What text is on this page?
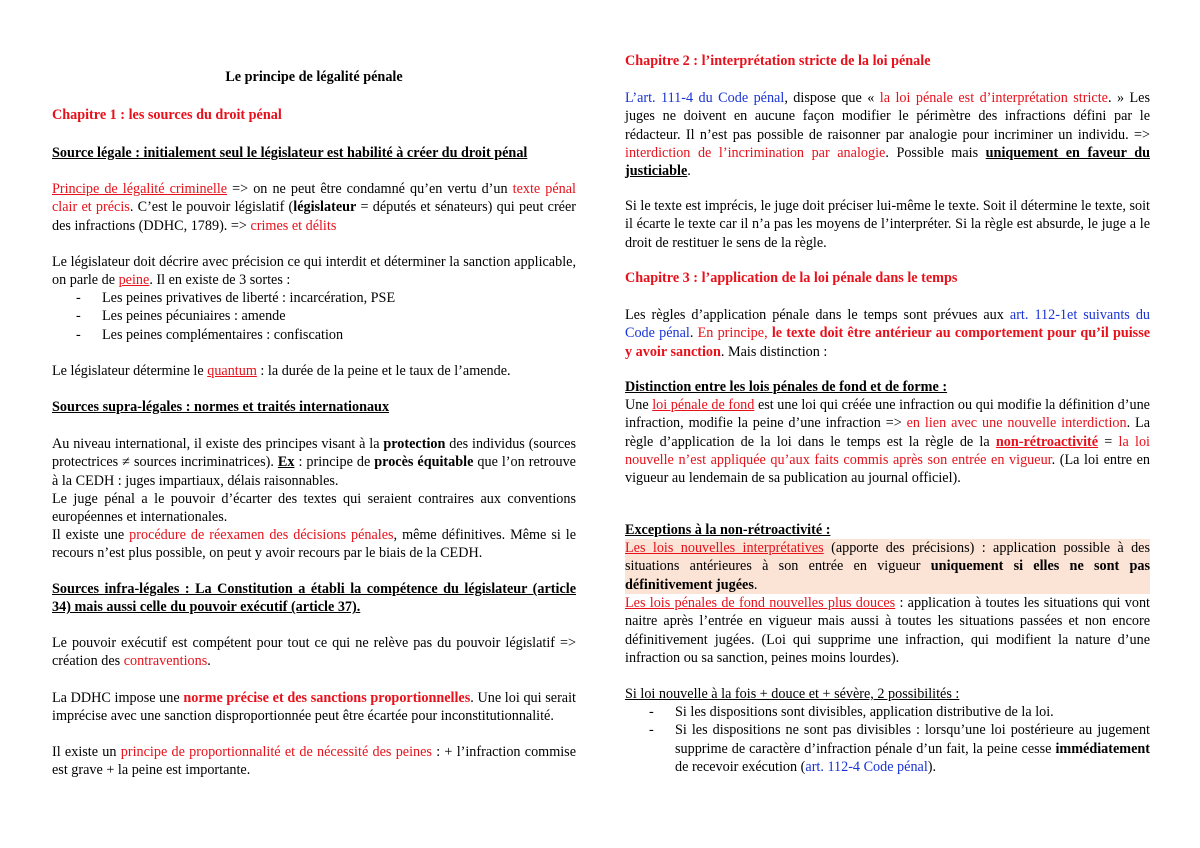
Le principe de légalité pénale

Chapitre 1 : les sources du droit pénal

Source légale : initialement seul le législateur est habilité à créer du droit pénal

Principe de légalité criminelle => on ne peut être condamné qu’en vertu d’un texte pénal clair et précis. C’est le pouvoir législatif (législateur = députés et sénateurs) qui peut créer des infractions (DDHC, 1789). => crimes et délits

Le législateur doit décrire avec précision ce qui interdit et déterminer la sanction applicable, on parle de peine. Il en existe de 3 sortes :

- Les peines privatives de liberté : incarcération, PSE
- Les peines pécuniaires : amende
- Les peines complémentaires : confiscation

Le législateur détermine le quantum : la durée de la peine et le taux de l’amende.

Sources supra-légales : normes et traités internationaux

Au niveau international, il existe des principes visant à la protection des individus (sources protectrices ≠ sources incriminatrices). Ex : principe de procès équitable que l’on retrouve à la CEDH : juges impartiaux, délais raisonnables.

Le juge pénal a le pouvoir d’écarter des textes qui seraient contraires aux conventions européennes et internationales.

Il existe une procédure de réexamen des décisions pénales, même définitives. Même si le recours n’est plus possible, on peut y avoir recours par le biais de la CEDH.

Sources infra-légales : La Constitution a établi la compétence du législateur (article 34) mais aussi celle du pouvoir exécutif (article 37).

Le pouvoir exécutif est compétent pour tout ce qui ne relève pas du pouvoir législatif => création des contraventions.

La DDHC impose une norme précise et des sanctions proportionnelles. Une loi qui serait imprécise avec une sanction disproportionnée peut être écartée pour inconstitutionnalité.

Il existe un principe de proportionnalité et de nécessité des peines : + l’infraction commise est grave + la peine est importante.

Chapitre 2 : l’interprétation stricte de la loi pénale

L’art. 111-4 du Code pénal, dispose que « la loi pénale est d’interprétation stricte. » Les juges ne doivent en aucune façon modifier le périmètre des infractions défini par le rédacteur. Il n’est pas possible de raisonner par analogie pour incriminer un individu. => interdiction de l’incrimination par analogie. Possible mais uniquement en faveur du justiciable.

Si le texte est imprécis, le juge doit préciser lui-même le texte. Soit il détermine le texte, soit il écarte le texte car il n’a pas les moyens de l’interpréter. Si la règle est absurde, le juge a le droit de restituer le sens de la règle.

Chapitre 3 : l’application de la loi pénale dans le temps

Les règles d’application pénale dans le temps sont prévues aux art. 112-1et suivants du Code pénal. En principe, le texte doit être antérieur au comportement pour qu’il puisse y avoir sanction. Mais distinction :

Distinction entre les lois pénales de fond et de forme :

Une loi pénale de fond est une loi qui créée une infraction ou qui modifie la définition d’une infraction, modifie la peine d’une infraction => en lien avec une nouvelle interdiction. La règle d’application de la loi dans le temps est la règle de la non-rétroactivité = la loi nouvelle n’est appliquée qu’aux faits commis après son entrée en vigueur. (La loi entre en vigueur au lendemain de sa publication au journal officiel).

Exceptions à la non-rétroactivité :

Les lois nouvelles interprétatives (apporte des précisions) : application possible à des situations antérieures à son entrée en vigueur uniquement si elles ne sont pas définitivement jugées.

Les lois pénales de fond nouvelles plus douces : application à toutes les situations qui vont naitre après l’entrée en vigueur mais aussi à toutes les situations passées et non encore définitivement jugées. (Loi qui supprime une infraction, qui modifient la nature d’une infraction ou sa sanction, peines moins lourdes).

Si loi nouvelle à la fois + douce et + sévère, 2 possibilités :

- Si les dispositions sont divisibles, application distributive de la loi.
- Si les dispositions ne sont pas divisibles : lorsqu’une loi postérieure au jugement supprime de caractère d’infraction pénale d’un fait, la peine cesse immédiatement de recevoir exécution (art. 112-4 Code pénal).
